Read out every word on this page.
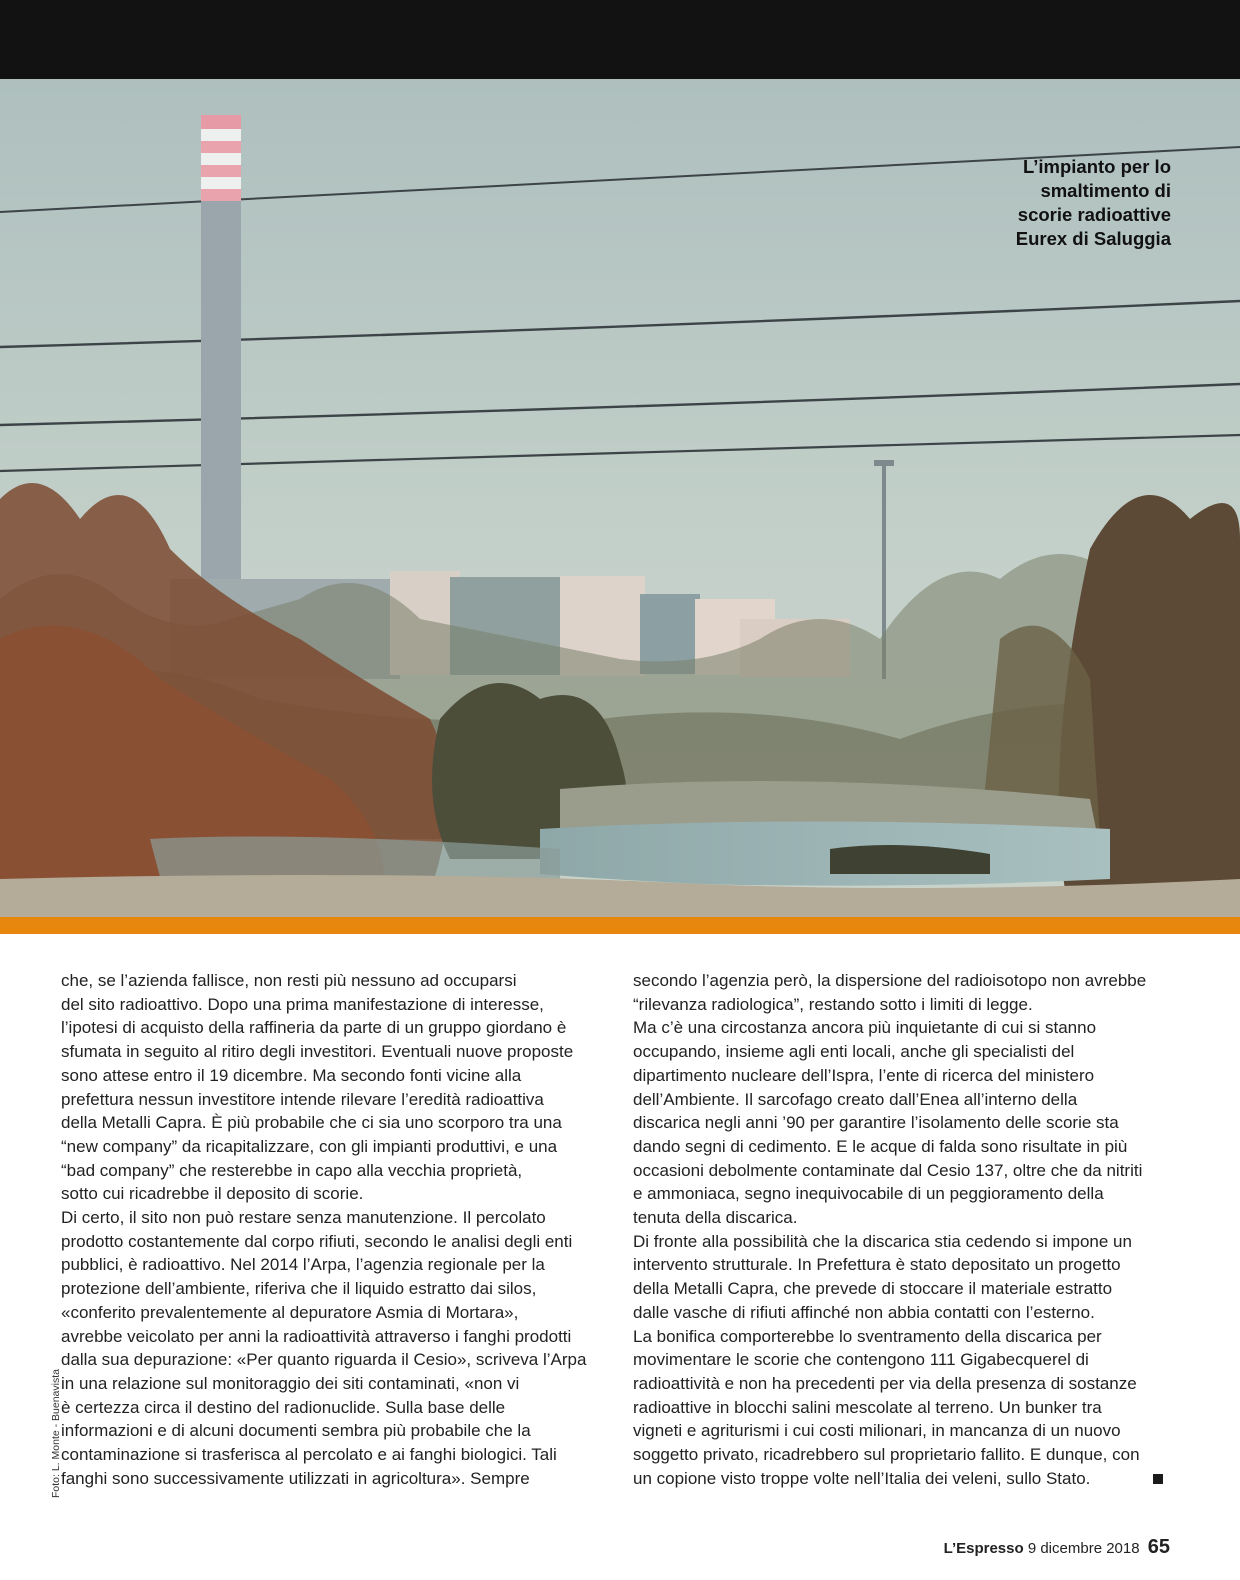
L’impianto per lo
smaltimento di
scorie radioattive
Eurex di Saluggia

che, se l’azienda fallisce, non resti più nessuno ad occuparsi

del sito radioattivo. Dopo una prima manifestazione di interesse,

l’ipotesi di acquisto della raffineria da parte di un gruppo giordano è

sfumata in seguito al ritiro degli investitori. Eventuali nuove proposte

sono attese entro il 19 dicembre. Ma secondo fonti vicine alla

prefettura nessun investitore intende rilevare l’eredità radioattiva

della Metalli Capra. È più probabile che ci sia uno scorporo tra una

“new company” da ricapitalizzare, con gli impianti produttivi, e una

“bad company” che resterebbe in capo alla vecchia proprietà,

sotto cui ricadrebbe il deposito di scorie.

Di certo, il sito non può restare senza manutenzione. Il percolato

prodotto costantemente dal corpo rifiuti, secondo le analisi degli enti

pubblici, è radioattivo. Nel 2014 l’Arpa, l’agenzia regionale per la

protezione dell’ambiente, riferiva che il liquido estratto dai silos,

«conferito prevalentemente al depuratore Asmia di Mortara»,

avrebbe veicolato per anni la radioattività attraverso i fanghi prodotti

dalla sua depurazione: «Per quanto riguarda il Cesio», scriveva l’Arpa

in una relazione sul monitoraggio dei siti contaminati, «non vi

è certezza circa il destino del radionuclide. Sulla base delle

informazioni e di alcuni documenti sembra più probabile che la

contaminazione si trasferisca al percolato e ai fanghi biologici. Tali

fanghi sono successivamente utilizzati in agricoltura». Sempre

secondo l’agenzia però, la dispersione del radioisotopo non avrebbe

“rilevanza radiologica”, restando sotto i limiti di legge.

Ma c’è una circostanza ancora più inquietante di cui si stanno

occupando, insieme agli enti locali, anche gli specialisti del

dipartimento nucleare dell’Ispra, l’ente di ricerca del ministero

dell’Ambiente. Il sarcofago creato dall’Enea all’interno della

discarica negli anni ’90 per garantire l’isolamento delle scorie sta

dando segni di cedimento. E le acque di falda sono risultate in più

occasioni debolmente contaminate dal Cesio 137, oltre che da nitriti

e ammoniaca, segno inequivocabile di un peggioramento della

tenuta della discarica.

Di fronte alla possibilità che la discarica stia cedendo si impone un

intervento strutturale. In Prefettura è stato depositato un progetto

della Metalli Capra, che prevede di stoccare il materiale estratto

dalle vasche di rifiuti affinché non abbia contatti con l’esterno.

La bonifica comporterebbe lo sventramento della discarica per

movimentare le scorie che contengono 111 Gigabecquerel di

radioattività e non ha precedenti per via della presenza di sostanze

radioattive in blocchi salini mescolate al terreno. Un bunker tra

vigneti e agriturismi i cui costi milionari, in mancanza di un nuovo

soggetto privato, ricadrebbero sul proprietario fallito. E dunque, con

un copione visto troppe volte nell’Italia dei veleni, sullo Stato.

Foto: L. Monte - Buenavista
L’Espresso 9 dicembre 2018 65
